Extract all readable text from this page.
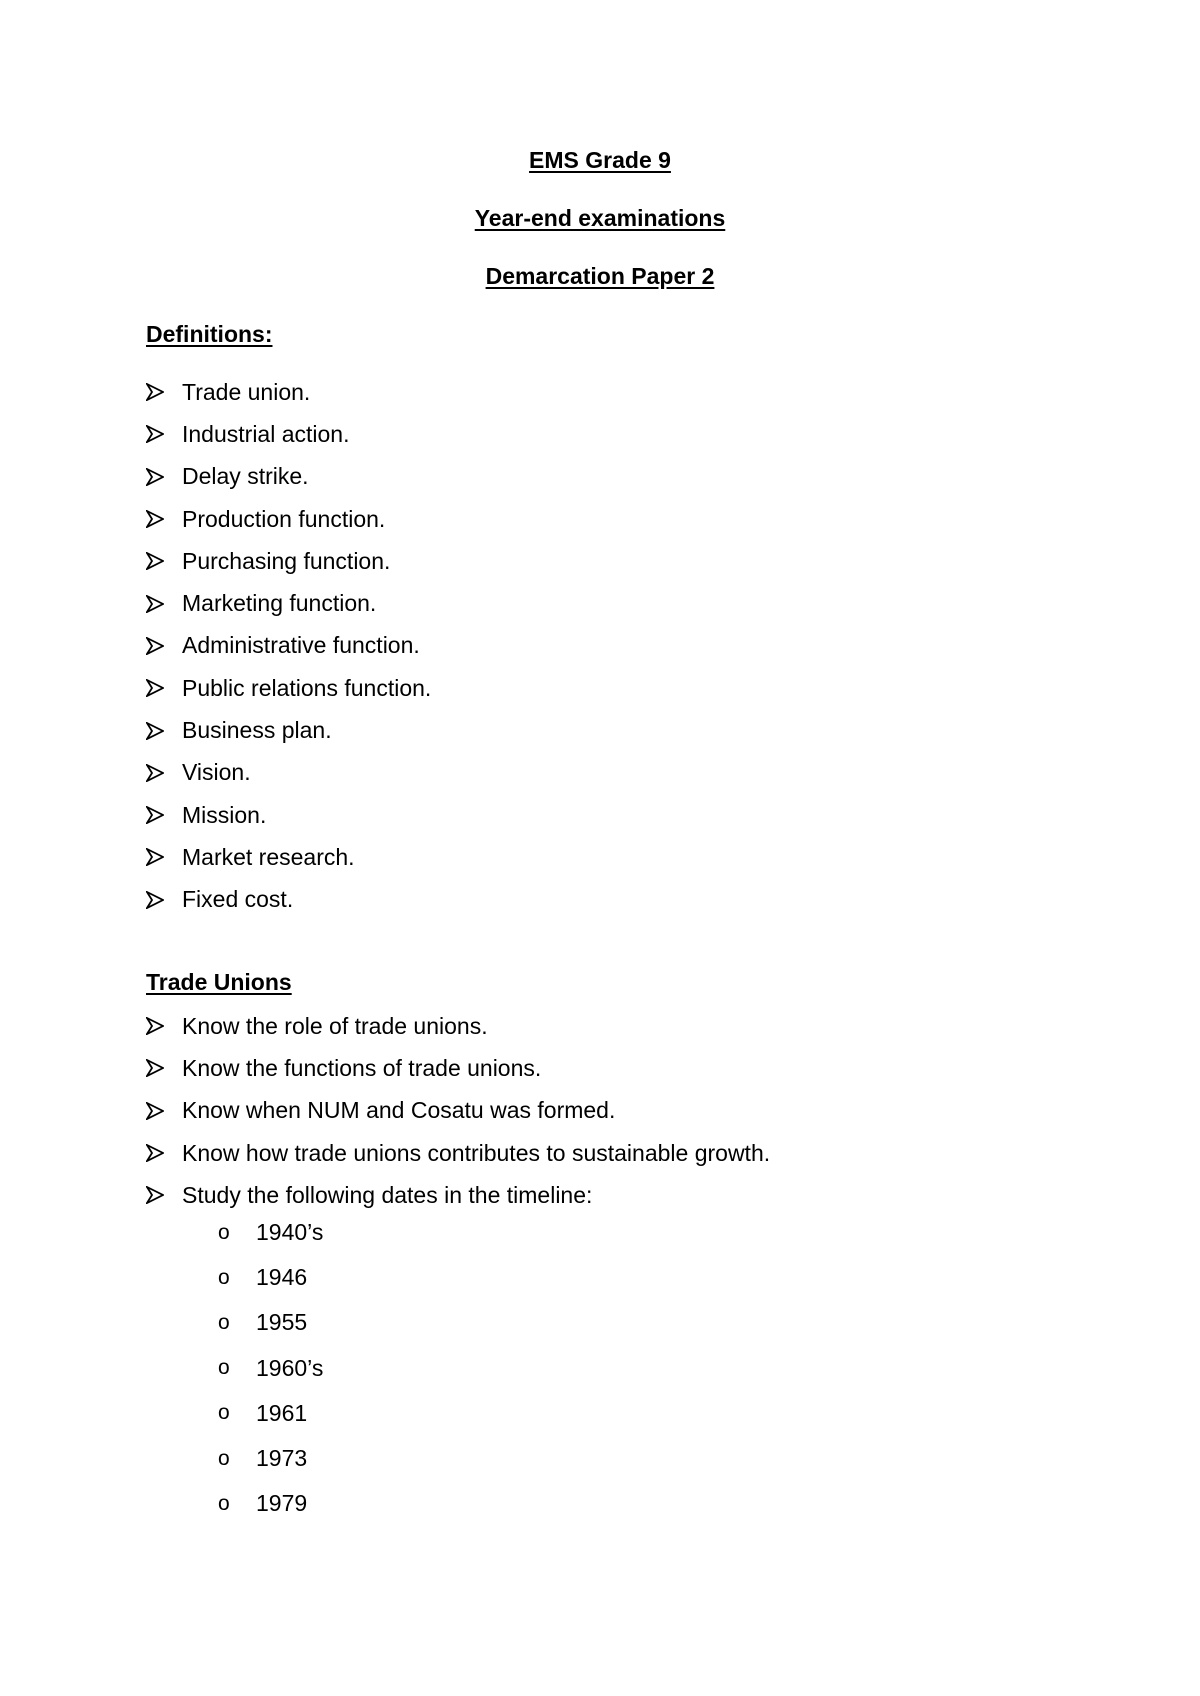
EMS Grade 9
Year-end examinations
Demarcation Paper 2
Definitions:
Trade union.
Industrial action.
Delay strike.
Production function.
Purchasing function.
Marketing function.
Administrative function.
Public relations function.
Business plan.
Vision.
Mission.
Market research.
Fixed cost.
Trade Unions
Know the role of trade unions.
Know the functions of trade unions.
Know when NUM and Cosatu was formed.
Know how trade unions contributes to sustainable growth.
Study the following dates in the timeline:
o	1940’s
o	1946
o	1955
o	1960’s
o	1961
o	1973
o	1979
